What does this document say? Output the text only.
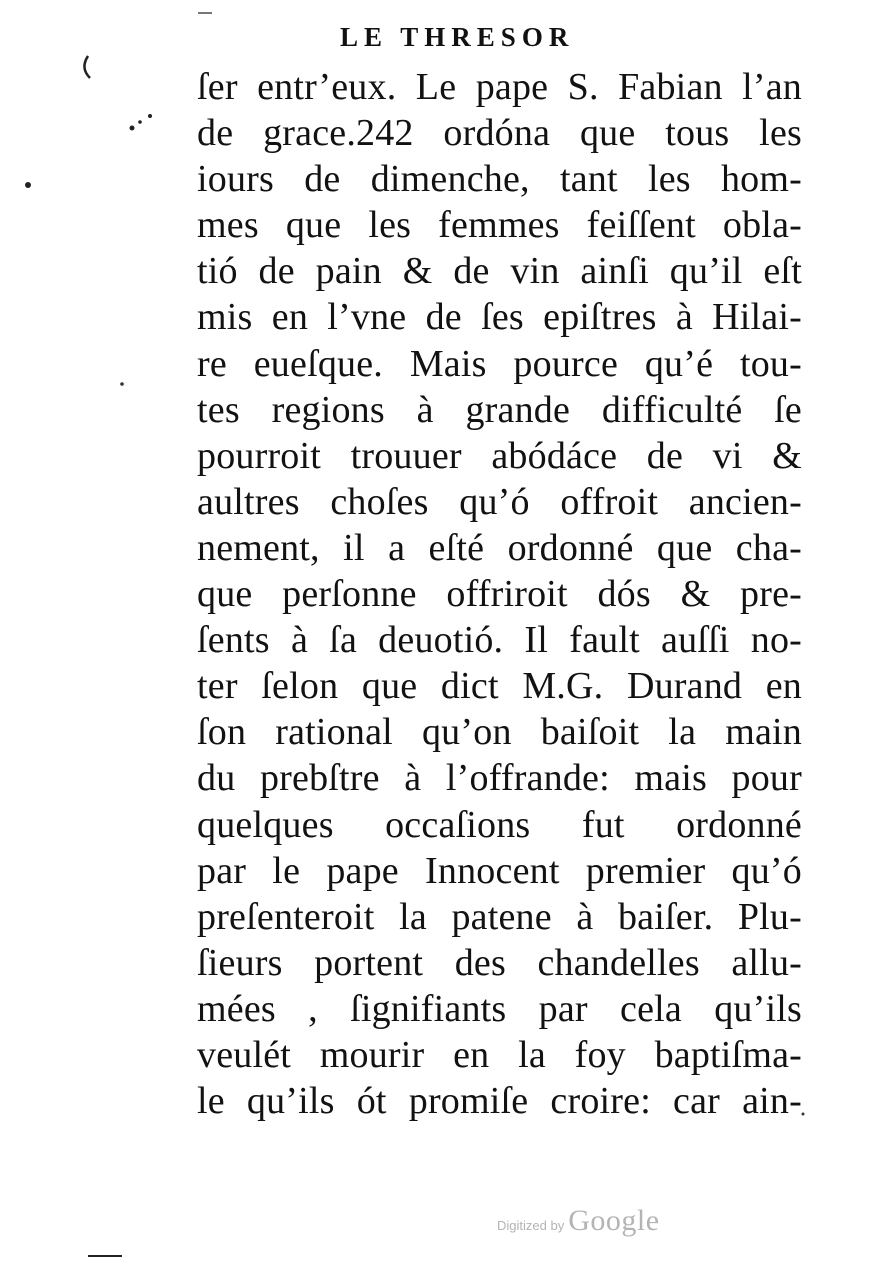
LE THRESOR
ſer entr’eux. Le pape S. Fabian l’an
de grace.242 ordóna que tous les
iours de dimenche, tant les hom-
mes que les femmes feiſſent obla-
tió de pain & de vin ainſi qu’il eſt
mis en l’vne de ſes epiſtres à Hilai-
re eueſque. Mais pource qu’é tou-
tes regions à grande difficulté ſe
pourroit trouuer abódáce de vi &
aultres choſes qu’ó offroit ancien-
nement, il a eſté ordonné que cha-
que perſonne offriroit dós & pre-
ſents à ſa deuotió. Il fault auſſi no-
ter ſelon que dict M.G. Durand en
ſon rational qu’on baiſoit la main
du prebſtre à l’offrande: mais pour
quelques occaſions fut ordonné
par le pape Innocent premier qu’ó
preſenteroit la patene à baiſer. Plu-
ſieurs portent des chandelles allu-
mées , ſignifiants par cela qu’ils
veulét mourir en la foy baptiſma-
le qu’ils ót promiſe croire: car ain-
Digitized by Google
